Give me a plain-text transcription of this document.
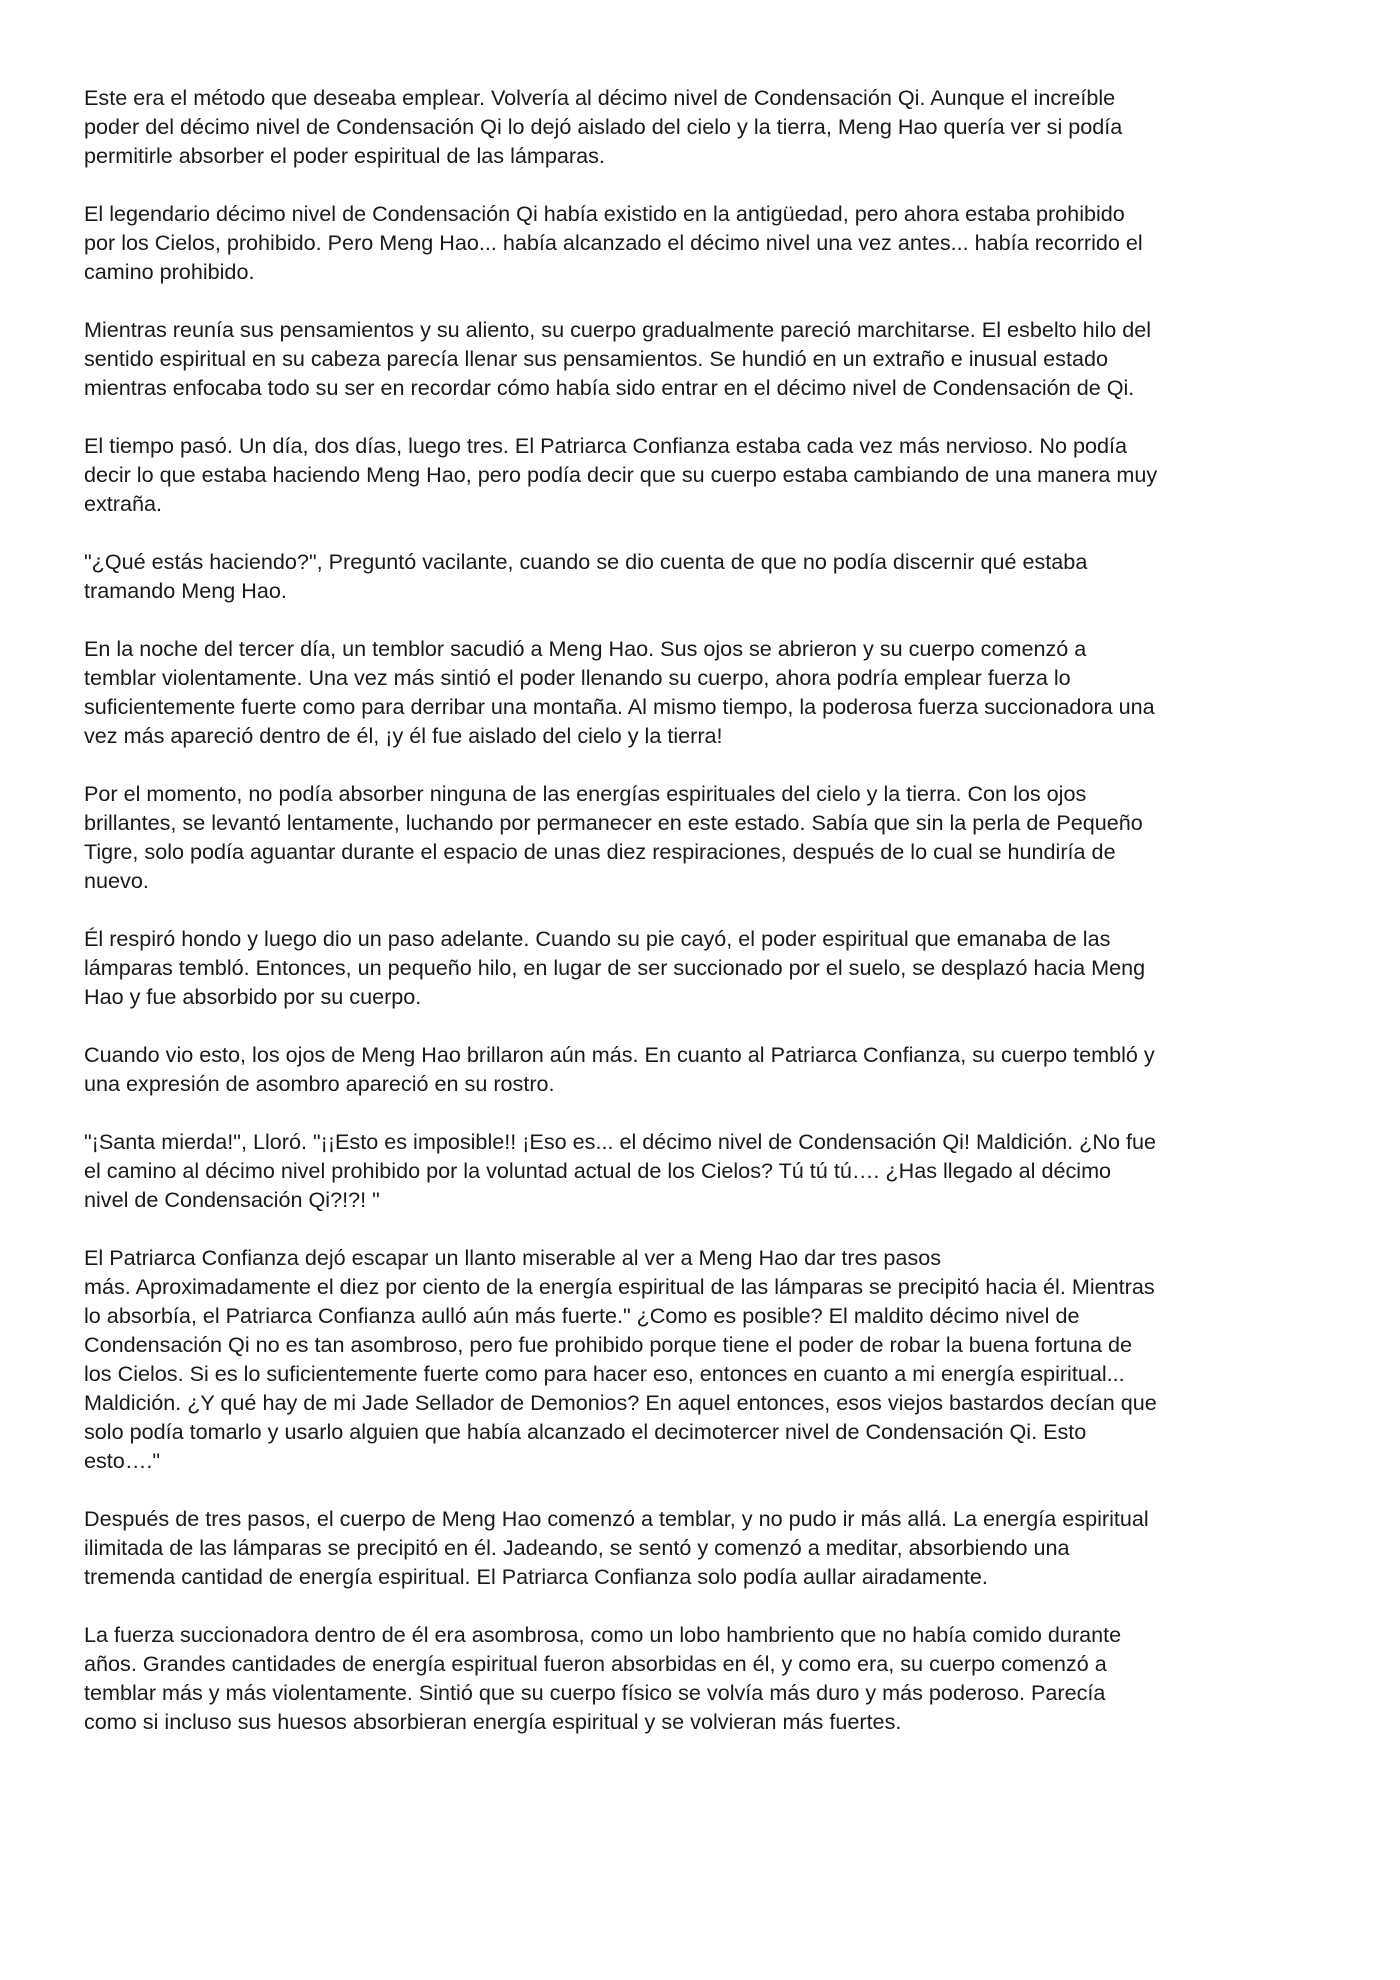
Este era el método que deseaba emplear. Volvería al décimo nivel de Condensación Qi. Aunque el increíble
poder del décimo nivel de Condensación Qi lo dejó aislado del cielo y la tierra, Meng Hao quería ver si podía
permitirle absorber el poder espiritual de las lámparas.

El legendario décimo nivel de Condensación Qi había existido en la antigüedad, pero ahora estaba prohibido
por los Cielos, prohibido. Pero Meng Hao... había alcanzado el décimo nivel una vez antes... había recorrido el
camino prohibido.

Mientras reunía sus pensamientos y su aliento, su cuerpo gradualmente pareció marchitarse. El esbelto hilo del
sentido espiritual en su cabeza parecía llenar sus pensamientos. Se hundió en un extraño e inusual estado
mientras enfocaba todo su ser en recordar cómo había sido entrar en el décimo nivel de Condensación de Qi.

El tiempo pasó. Un día, dos días, luego tres. El Patriarca Confianza estaba cada vez más nervioso. No podía
decir lo que estaba haciendo Meng Hao, pero podía decir que su cuerpo estaba cambiando de una manera muy
extraña.

"¿Qué estás haciendo?", Preguntó vacilante, cuando se dio cuenta de que no podía discernir qué estaba
tramando Meng Hao.

En la noche del tercer día, un temblor sacudió a Meng Hao. Sus ojos se abrieron y su cuerpo comenzó a
temblar violentamente. Una vez más sintió el poder llenando su cuerpo, ahora podría emplear fuerza lo
suficientemente fuerte como para derribar una montaña. Al mismo tiempo, la poderosa fuerza succionadora una
vez más apareció dentro de él, ¡y él fue aislado del cielo y la tierra!

Por el momento, no podía absorber ninguna de las energías espirituales del cielo y la tierra. Con los ojos
brillantes, se levantó lentamente, luchando por permanecer en este estado. Sabía que sin la perla de Pequeño
Tigre, solo podía aguantar durante el espacio de unas diez respiraciones, después de lo cual se hundiría de
nuevo.

Él respiró hondo y luego dio un paso adelante. Cuando su pie cayó, el poder espiritual que emanaba de las
lámparas tembló. Entonces, un pequeño hilo, en lugar de ser succionado por el suelo, se desplazó hacia Meng
Hao y fue absorbido por su cuerpo.

Cuando vio esto, los ojos de Meng Hao brillaron aún más. En cuanto al Patriarca Confianza, su cuerpo tembló y
una expresión de asombro apareció en su rostro.

"¡Santa mierda!", Lloró. "¡¡Esto es imposible!! ¡Eso es... el décimo nivel de Condensación Qi! Maldición. ¿No fue
el camino al décimo nivel prohibido por la voluntad actual de los Cielos? Tú tú tú…. ¿Has llegado al décimo
nivel de Condensación Qi?!?! "

El Patriarca Confianza dejó escapar un llanto miserable al ver a Meng Hao dar tres pasos
más. Aproximadamente el diez por ciento de la energía espiritual de las lámparas se precipitó hacia él. Mientras
lo absorbía, el Patriarca Confianza aulló aún más fuerte." ¿Como es posible? El maldito décimo nivel de
Condensación Qi no es tan asombroso, pero fue prohibido porque tiene el poder de robar la buena fortuna de
los Cielos. Si es lo suficientemente fuerte como para hacer eso, entonces en cuanto a mi energía espiritual...
Maldición. ¿Y qué hay de mi Jade Sellador de Demonios? En aquel entonces, esos viejos bastardos decían que
solo podía tomarlo y usarlo alguien que había alcanzado el decimotercer nivel de Condensación Qi. Esto
esto…."

Después de tres pasos, el cuerpo de Meng Hao comenzó a temblar, y no pudo ir más allá. La energía espiritual
ilimitada de las lámparas se precipitó en él. Jadeando, se sentó y comenzó a meditar, absorbiendo una
tremenda cantidad de energía espiritual. El Patriarca Confianza solo podía aullar airadamente.

La fuerza succionadora dentro de él era asombrosa, como un lobo hambriento que no había comido durante
años. Grandes cantidades de energía espiritual fueron absorbidas en él, y como era, su cuerpo comenzó a
temblar más y más violentamente. Sintió que su cuerpo físico se volvía más duro y más poderoso. Parecía
como si incluso sus huesos absorbieran energía espiritual y se volvieran más fuertes.
